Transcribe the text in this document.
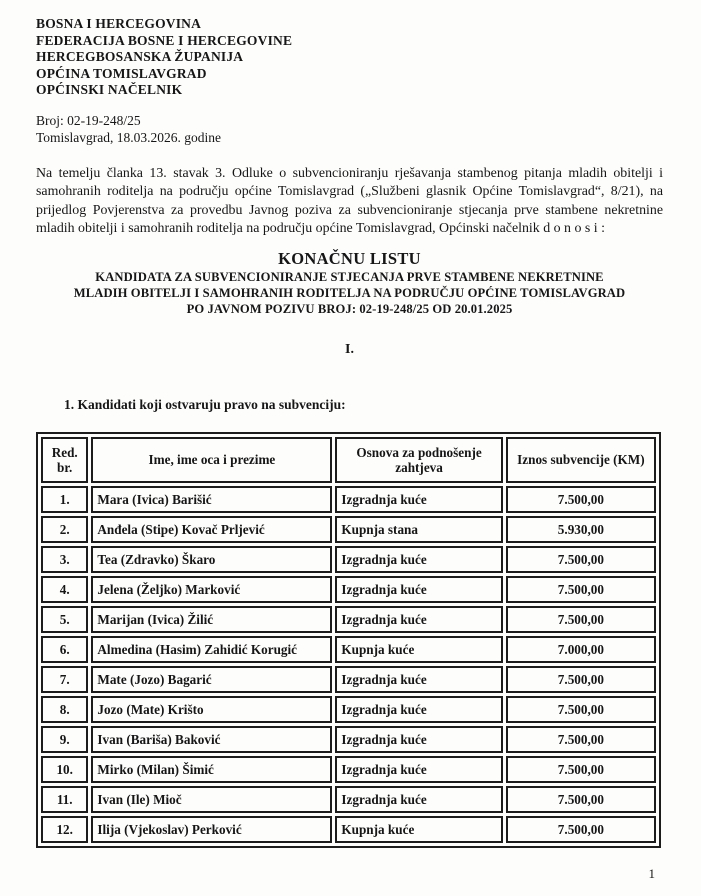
BOSNA I HERCEGOVINA
FEDERACIJA BOSNE I HERCEGOVINE
HERCEGBOSANSKA ŽUPANIJA
OPĆINA TOMISLAVGRAD
OPĆINSKI NAČELNIK
Broj: 02-19-248/25
Tomislavgrad, 18.03.2026. godine

Na temelju članka 13. stavak 3. Odluke o subvencioniranju rješavanja stambenog pitanja mladih obitelji i samohranih roditelja na području općine Tomislavgrad („Službeni glasnik Općine Tomislavgrad“, 8/21), na prijedlog Povjerenstva za provedbu Javnog poziva za subvencioniranje stjecanja prve stambene nekretnine mladih obitelji i samohranih roditelja na području općine Tomislavgrad, Općinski načelnik d o n o s i :

KONAČNU LISTU
KANDIDATA ZA SUBVENCIONIRANJE STJECANJA PRVE STAMBENE NEKRETNINE
MLADIH OBITELJI I SAMOHRANIH RODITELJA NA PODRUČJU OPĆINE TOMISLAVGRAD
PO JAVNOM POZIVU BROJ: 02-19-248/25 OD 20.01.2025
I.
1. Kandidati koji ostvaruju pravo na subvenciju:
Red. br.	Ime, ime oca i prezime	Osnova za podnošenje zahtjeva	Iznos subvencije (KM)
1.	Mara (Ivica) Barišić	Izgradnja kuće	7.500,00
2.	Anđela (Stipe) Kovač Prljević	Kupnja stana	5.930,00
3.	Tea (Zdravko) Škaro	Izgradnja kuće	7.500,00
4.	Jelena (Željko) Marković	Izgradnja kuće	7.500,00
5.	Marijan (Ivica) Žilić	Izgradnja kuće	7.500,00
6.	Almedina (Hasim) Zahidić Korugić	Kupnja kuće	7.000,00
7.	Mate (Jozo) Bagarić	Izgradnja kuće	7.500,00
8.	Jozo (Mate) Krišto	Izgradnja kuće	7.500,00
9.	Ivan (Bariša) Baković	Izgradnja kuće	7.500,00
10.	Mirko (Milan) Šimić	Izgradnja kuće	7.500,00
11.	Ivan (Ile) Mioč	Izgradnja kuće	7.500,00
12.	Ilija (Vjekoslav) Perković	Kupnja kuće	7.500,00
1
